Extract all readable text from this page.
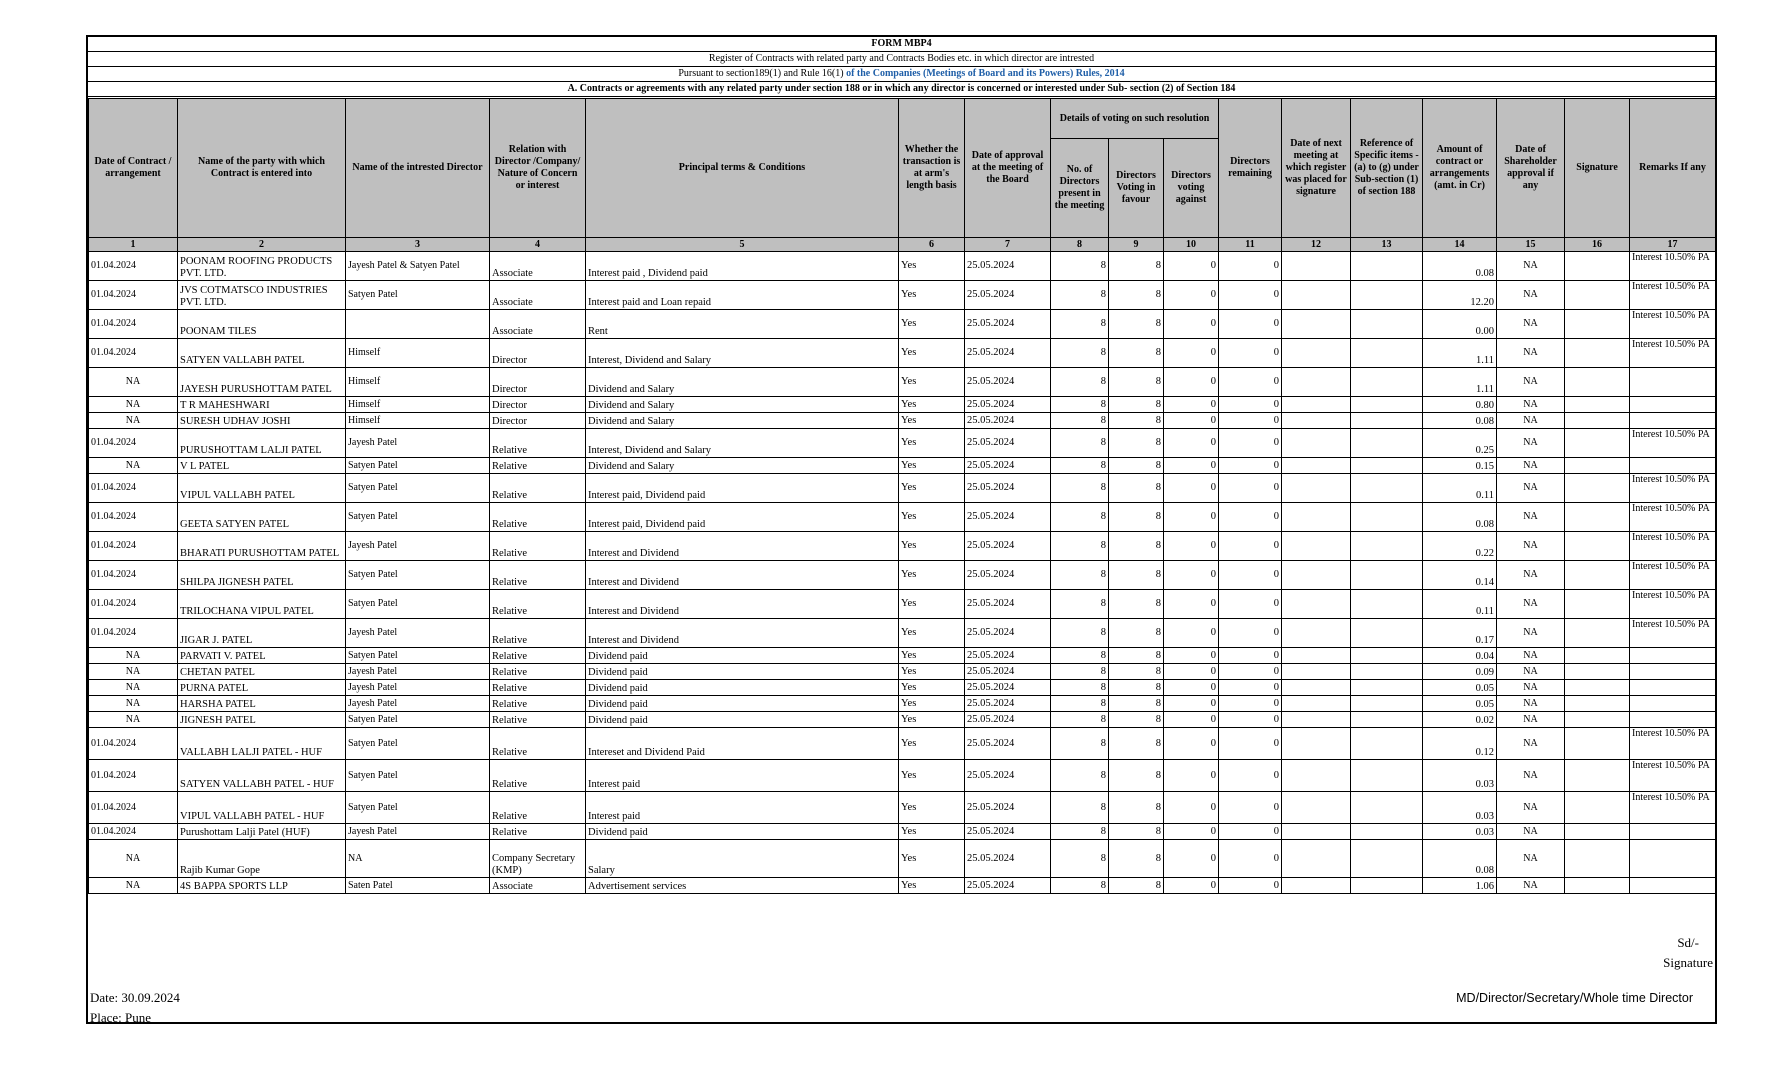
FORM MBP4
Register of Contracts with related party and Contracts Bodies etc. in which director are intrested
Pursuant to section189(1) and Rule 16(1) of the Companies (Meetings of Board and its Powers) Rules, 2014
A. Contracts or agreements with any related party under section 188 or in which any director is concerned or interested under Sub- section (2) of Section 184
Date of Contract / arrangement	Name of the party with which Contract is entered into	Name of the intrested Director	Relation with Director /Company/ Nature of Concern or interest	Principal terms & Conditions	Whether the transaction is at arm's length basis	Date of approval at the meeting of the Board	Details of voting on such resolution			Directors remaining	Date of next meeting at which register was placed for signature	Reference of Specific items - (a) to (g) under Sub-section (1) of section 188	Amount of contract or arrangements (amt. in Cr)	Date of Shareholder approval if any	Signature	Remarks If any
							No. of Directors present in the meeting	Directors Voting in favour	Directors voting against							
1	2	3	4	5	6	7	8	9	10	11	12	13	14	15	16	17
01.04.2024	POONAM ROOFING PRODUCTS PVT. LTD.	Jayesh Patel & Satyen Patel	Associate	Interest paid , Dividend paid	Yes	25.05.2024	8	8	0	0			0.08	NA		Interest 10.50% PA
01.04.2024	JVS COTMATSCO INDUSTRIES PVT. LTD.	Satyen Patel	Associate	Interest paid and Loan repaid	Yes	25.05.2024	8	8	0	0			12.20	NA		Interest 10.50% PA
01.04.2024	POONAM TILES		Associate	Rent	Yes	25.05.2024	8	8	0	0			0.00	NA		Interest 10.50% PA
01.04.2024	SATYEN VALLABH PATEL	Himself	Director	Interest, Dividend and Salary	Yes	25.05.2024	8	8	0	0			1.11	NA		Interest 10.50% PA
NA	JAYESH PURUSHOTTAM PATEL	Himself	Director	Dividend and Salary	Yes	25.05.2024	8	8	0	0			1.11	NA		
NA	T R MAHESHWARI	Himself	Director	Dividend and Salary	Yes	25.05.2024	8	8	0	0			0.80	NA		
NA	SURESH UDHAV JOSHI	Himself	Director	Dividend and Salary	Yes	25.05.2024	8	8	0	0			0.08	NA		
01.04.2024	PURUSHOTTAM LALJI PATEL	Jayesh Patel	Relative	Interest, Dividend and Salary	Yes	25.05.2024	8	8	0	0			0.25	NA		Interest 10.50% PA
NA	V L PATEL	Satyen Patel	Relative	Dividend and Salary	Yes	25.05.2024	8	8	0	0			0.15	NA		
01.04.2024	VIPUL VALLABH PATEL	Satyen Patel	Relative	Interest paid, Dividend paid	Yes	25.05.2024	8	8	0	0			0.11	NA		Interest 10.50% PA
01.04.2024	GEETA SATYEN PATEL	Satyen Patel	Relative	Interest paid, Dividend paid	Yes	25.05.2024	8	8	0	0			0.08	NA		Interest 10.50% PA
01.04.2024	BHARATI PURUSHOTTAM PATEL	Jayesh Patel	Relative	Interest and Dividend	Yes	25.05.2024	8	8	0	0			0.22	NA		Interest 10.50% PA
01.04.2024	SHILPA JIGNESH PATEL	Satyen Patel	Relative	Interest and Dividend	Yes	25.05.2024	8	8	0	0			0.14	NA		Interest 10.50% PA
01.04.2024	TRILOCHANA VIPUL PATEL	Satyen Patel	Relative	Interest and Dividend	Yes	25.05.2024	8	8	0	0			0.11	NA		Interest 10.50% PA
01.04.2024	JIGAR J. PATEL	Jayesh Patel	Relative	Interest and Dividend	Yes	25.05.2024	8	8	0	0			0.17	NA		Interest 10.50% PA
NA	PARVATI V. PATEL	Satyen Patel	Relative	Dividend paid	Yes	25.05.2024	8	8	0	0			0.04	NA		
NA	CHETAN PATEL	Jayesh Patel	Relative	Dividend paid	Yes	25.05.2024	8	8	0	0			0.09	NA		
NA	PURNA PATEL	Jayesh Patel	Relative	Dividend paid	Yes	25.05.2024	8	8	0	0			0.05	NA		
NA	HARSHA PATEL	Jayesh Patel	Relative	Dividend paid	Yes	25.05.2024	8	8	0	0			0.05	NA		
NA	JIGNESH PATEL	Satyen Patel	Relative	Dividend paid	Yes	25.05.2024	8	8	0	0			0.02	NA		
01.04.2024	VALLABH LALJI PATEL - HUF	Satyen Patel	Relative	Intereset and Dividend Paid	Yes	25.05.2024	8	8	0	0			0.12	NA		Interest 10.50% PA
01.04.2024	SATYEN VALLABH PATEL - HUF	Satyen Patel	Relative	Interest paid	Yes	25.05.2024	8	8	0	0			0.03	NA		Interest 10.50% PA
01.04.2024	VIPUL VALLABH PATEL - HUF	Satyen Patel	Relative	Interest paid	Yes	25.05.2024	8	8	0	0			0.03	NA		Interest 10.50% PA
01.04.2024	Purushottam Lalji Patel (HUF)	Jayesh Patel	Relative	Dividend paid	Yes	25.05.2024	8	8	0	0			0.03	NA		
NA	Rajib Kumar Gope	NA	Company Secretary (KMP)	Salary	Yes	25.05.2024	8	8	0	0			0.08	NA		
NA	4S BAPPA SPORTS LLP	Saten Patel	Associate	Advertisement services	Yes	25.05.2024	8	8	0	0			1.06	NA		
Sd/-
Signature
Date: 30.09.2024
Place: Pune
MD/Director/Secretary/Whole time Director
